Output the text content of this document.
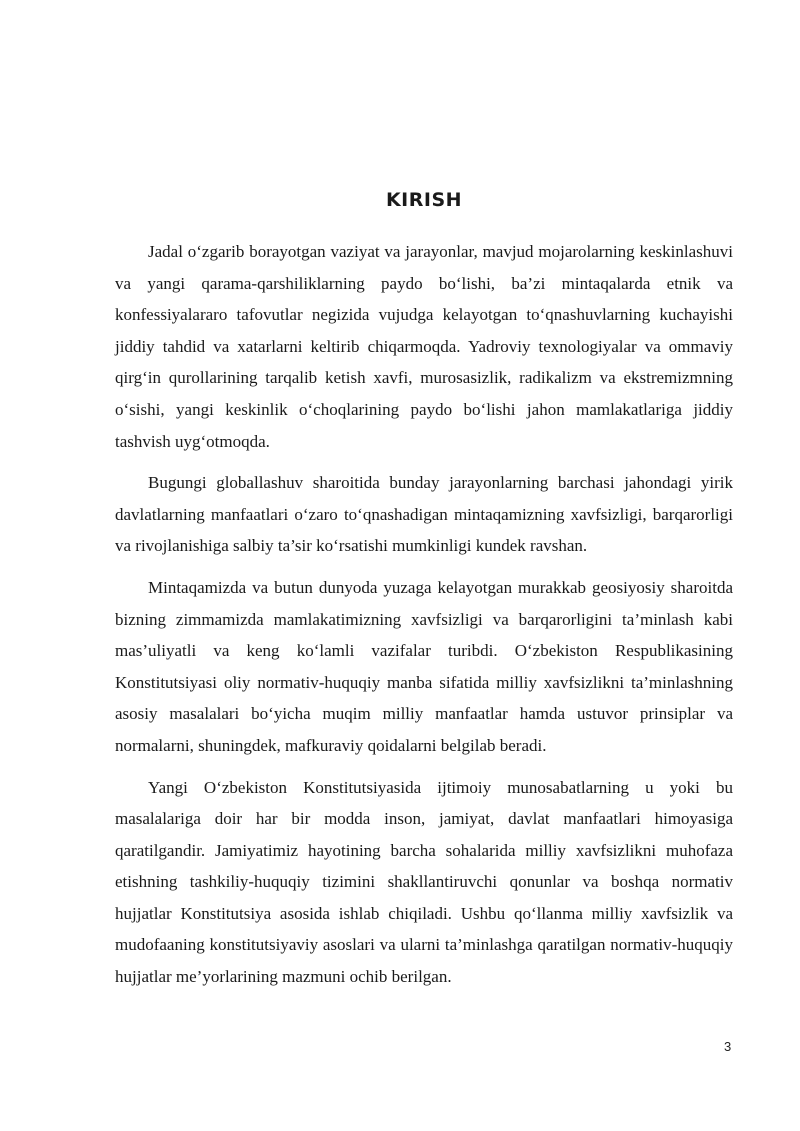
KIRISH

Jadal o‘zgarib borayotgan vaziyat va jarayonlar, mavjud mojarolarning keskinlashuvi va yangi qarama-qarshiliklarning paydo bo‘lishi, ba’zi mintaqalarda etnik va konfessiyalararo tafovutlar negizida vujudga kelayotgan to‘qnashuvlarning kuchayishi jiddiy tahdid va xatarlarni keltirib chiqarmoqda. Yadroviy texnologiyalar va ommaviy qirg‘in qurollarining tarqalib ketish xavfi, murosasizlik, radikalizm va ekstremizmning o‘sishi, yangi keskinlik o‘choqlarining paydo bo‘lishi jahon mamlakatlariga jiddiy tashvish uyg‘otmoqda.

Bugungi globallashuv sharoitida bunday jarayonlarning barchasi jahondagi yirik davlatlarning manfaatlari o‘zaro to‘qnashadigan mintaqamizning xavfsizligi, barqarorligi va rivojlanishiga salbiy ta’sir ko‘rsatishi mumkinligi kundek ravshan.

Mintaqamizda va butun dunyoda yuzaga kelayotgan murakkab geosiyosiy sharoitda bizning zimmamizda mamlakatimizning xavfsizligi va barqarorligini ta’minlash kabi mas’uliyatli va keng ko‘lamli vazifalar turibdi. O‘zbekiston Respublikasining Konstitutsiyasi oliy normativ-huquqiy manba sifatida milliy xavfsizlikni ta’minlashning asosiy masalalari bo‘yicha muqim milliy manfaatlar hamda ustuvor prinsiplar va normalarni, shuningdek, mafkuraviy qoidalarni belgilab beradi.

Yangi O‘zbekiston Konstitutsiyasida ijtimoiy munosabatlarning u yoki bu masalalariga doir har bir modda inson, jamiyat, davlat manfaatlari himoyasiga qaratilgandir. Jamiyatimiz hayotining barcha sohalarida milliy xavfsizlikni muhofaza etishning tashkiliy-huquqiy tizimini shakllantiruvchi qonunlar va boshqa normativ hujjatlar Konstitutsiya asosida ishlab chiqiladi. Ushbu qo‘llanma milliy xavfsizlik va mudofaaning konstitutsiyaviy asoslari va ularni ta’minlashga qaratilgan normativ-huquqiy hujjatlar me’yorlarining mazmuni ochib berilgan.

3
